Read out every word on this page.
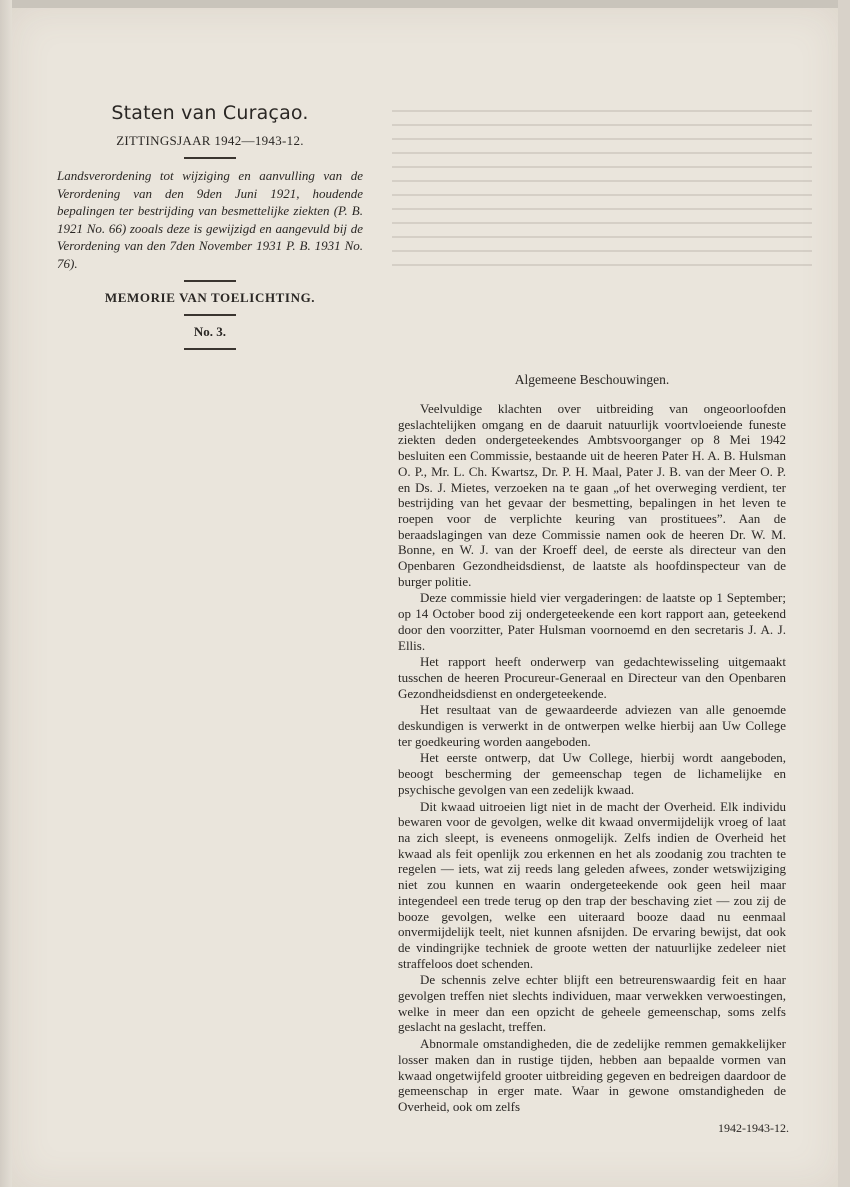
Staten van Curaçao.
ZITTINGSJAAR 1942—1943-12.

Landsverordening tot wijziging en aanvulling van de Verordening van den 9den Juni 1921, houdende bepalingen ter bestrijding van besmettelijke ziekten (P. B. 1921 No. 66) zooals deze is gewijzigd en aangevuld bij de Verordening van den 7den November 1931 P. B. 1931 No. 76).

MEMORIE VAN TOELICHTING.
No. 3.
Algemeene Beschouwingen.

Veelvuldige klachten over uitbreiding van ongeoorloofden geslachtelijken omgang en de daaruit natuurlijk voortvloeiende funeste ziekten deden ondergeteekendes Ambtsvoorganger op 8 Mei 1942 besluiten een Commissie, bestaande uit de heeren Pater H. A. B. Hulsman O. P., Mr. L. Ch. Kwartsz, Dr. P. H. Maal, Pater J. B. van der Meer O. P. en Ds. J. Mietes, verzoeken na te gaan „of het overweging verdient, ter bestrijding van het gevaar der besmetting, bepalingen in het leven te roepen voor de verplichte keuring van prostituees”. Aan de beraadslagingen van deze Commissie namen ook de heeren Dr. W. M. Bonne, en W. J. van der Kroeff deel, de eerste als directeur van den Openbaren Gezondheidsdienst, de laatste als hoofdinspecteur van de burger politie.

Deze commissie hield vier vergaderingen: de laatste op 1 September; op 14 October bood zij ondergeteekende een kort rapport aan, geteekend door den voorzitter, Pater Hulsman voornoemd en den secretaris J. A. J. Ellis.

Het rapport heeft onderwerp van gedachtewisseling uitgemaakt tusschen de heeren Procureur-Generaal en Directeur van den Openbaren Gezondheidsdienst en ondergeteekende.

Het resultaat van de gewaardeerde adviezen van alle genoemde deskundigen is verwerkt in de ontwerpen welke hierbij aan Uw College ter goedkeuring worden aangeboden.

Het eerste ontwerp, dat Uw College, hierbij wordt aangeboden, beoogt bescherming der gemeenschap tegen de lichamelijke en psychische gevolgen van een zedelijk kwaad.

Dit kwaad uitroeien ligt niet in de macht der Overheid. Elk individu bewaren voor de gevolgen, welke dit kwaad onvermijdelijk vroeg of laat na zich sleept, is eveneens onmogelijk. Zelfs indien de Overheid het kwaad als feit openlijk zou erkennen en het als zoodanig zou trachten te regelen — iets, wat zij reeds lang geleden afwees, zonder wetswijziging niet zou kunnen en waarin ondergeteekende ook geen heil maar integendeel een trede terug op den trap der beschaving ziet — zou zij de booze gevolgen, welke een uiteraard booze daad nu eenmaal onvermijdelijk teelt, niet kunnen afsnijden. De ervaring bewijst, dat ook de vindingrijke techniek de groote wetten der natuurlijke zedeleer niet straffeloos doet schenden.

De schennis zelve echter blijft een betreurenswaardig feit en haar gevolgen treffen niet slechts individuen, maar verwekken verwoestingen, welke in meer dan een opzicht de geheele gemeenschap, soms zelfs geslacht na geslacht, treffen.

Abnormale omstandigheden, die de zedelijke remmen gemakkelijker losser maken dan in rustige tijden, hebben aan bepaalde vormen van kwaad ongetwijfeld grooter uitbreiding gegeven en bedreigen daardoor de gemeenschap in erger mate. Waar in gewone omstandigheden de Overheid, ook om zelfs

1942-1943-12.
